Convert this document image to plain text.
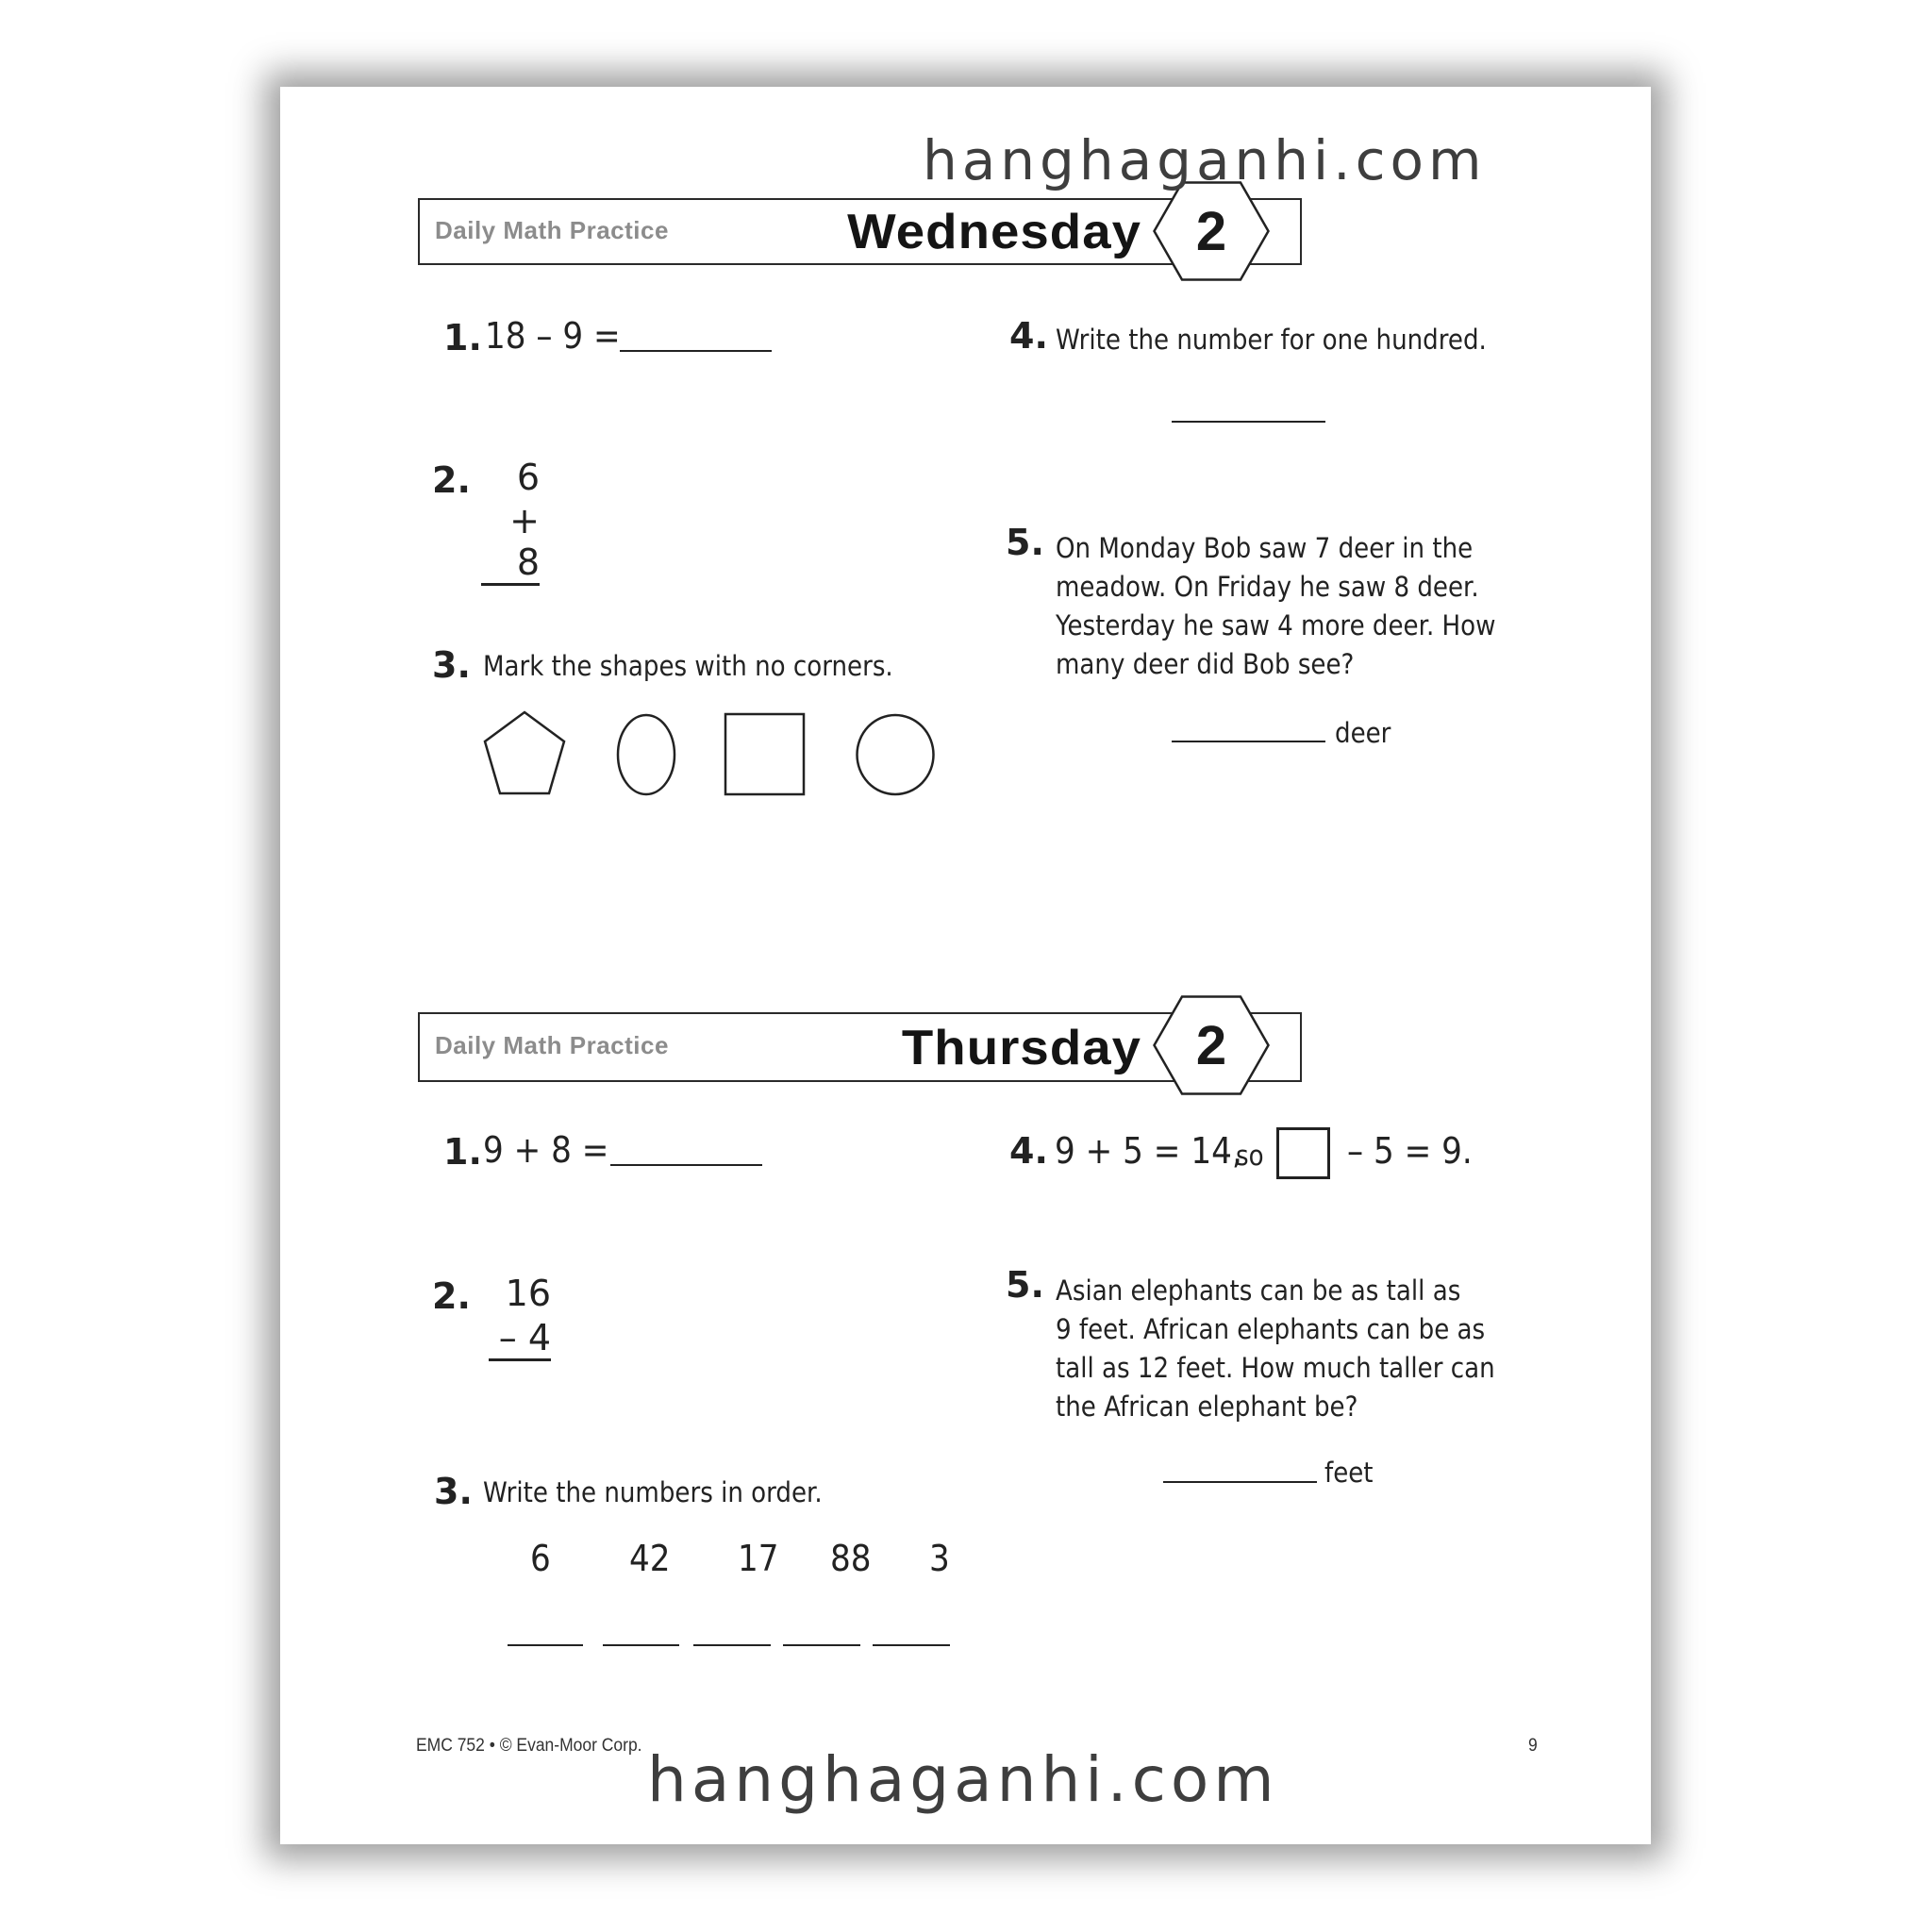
Daily Math Practice	Wednesday 2
1. 18 – 9 =
2.	6
+ 8
3. Mark the shapes with no corners.
4. Write the number for one hundred.
5. On Monday Bob saw 7 deer in the
meadow. On Friday he saw 8 deer.
Yesterday he saw 4 more deer. How
many deer did Bob see?
deer
Daily Math Practice	Thursday 2
1. 9 + 8 =
2. 16
– 4
3. Write the numbers in order.
6 42 17 88 3
4. 9 + 5 = 14,
so – 5 = 9.
5. Asian elephants can be as tall as
9 feet. African elephants can be as
tall as 12 feet. How much taller can
the African elephant be?
feet
EMC 752 • © Evan-Moor Corp.	9
hanghaganhi.com
hanghaganhi.com
